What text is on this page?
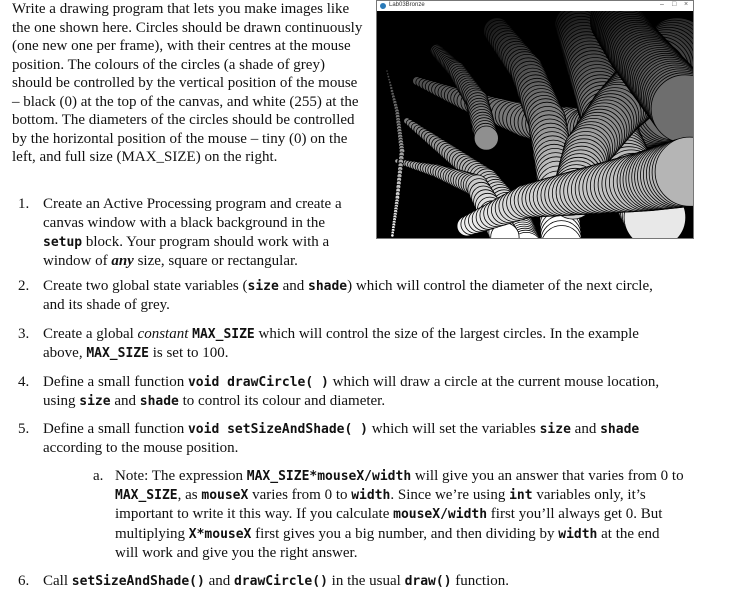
Write a drawing program that lets you make images like the one shown here. Circles should be drawn continuously (one new one per frame), with their centres at the mouse position. The colours of the circles (a shade of grey) should be controlled by the vertical position of the mouse – black (0) at the top of the canvas, and white (255) at the bottom. The diameters of the circles should be controlled by the horizontal position of the mouse – tiny (0) on the left, and full size (MAX_SIZE) on the right.
Lab03Bronze	– □ ×
1. Create an Active Processing program and create a canvas window with a black background in the setup block. Your program should work with a window of any size, square or rectangular.
2. Create two global state variables (size and shade) which will control the diameter of the next circle, and its shade of grey.
3. Create a global constant MAX_SIZE which will control the size of the largest circles. In the example above, MAX_SIZE is set to 100.
4. Define a small function void drawCircle( ) which will draw a circle at the current mouse location, using size and shade to control its colour and diameter.
5. Define a small function void setSizeAndShade( ) which will set the variables size and shade according to the mouse position.
a. Note: The expression MAX_SIZE*mouseX/width will give you an answer that varies from 0 to MAX_SIZE, as mouseX varies from 0 to width. Since we’re using int variables only, it’s important to write it this way. If you calculate mouseX/width first you’ll always get 0. But multiplying X*mouseX first gives you a big number, and then dividing by width at the end will work and give you the right answer.
6. Call setSizeAndShade() and drawCircle() in the usual draw() function.
